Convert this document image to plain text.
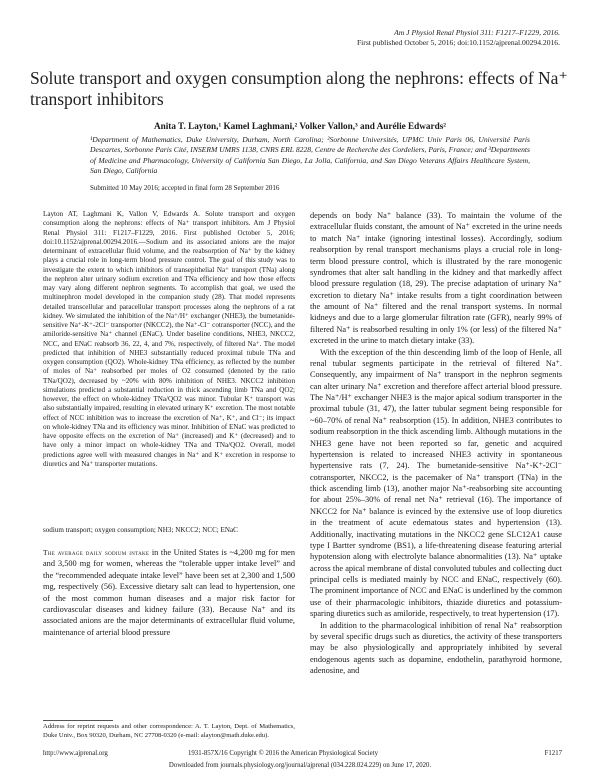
Am J Physiol Renal Physiol 311: F1217–F1229, 2016.
First published October 5, 2016; doi:10.1152/ajprenal.00294.2016.
Solute transport and oxygen consumption along the nephrons: effects of Na⁺ transport inhibitors
Anita T. Layton,¹ Kamel Laghmani,² Volker Vallon,³ and Aurélie Edwards²
¹Department of Mathematics, Duke University, Durham, North Carolina; ²Sorbonne Universités, UPMC Univ Paris 06, Université Paris Descartes, Sorbonne Paris Cité, INSERM UMRS 1138, CNRS ERL 8228, Centre de Recherche des Cordeliers, Paris, France; and ³Departments of Medicine and Pharmacology, University of California San Diego, La Jolla, California, and San Diego Veterans Affairs Healthcare System, San Diego, California
Submitted 10 May 2016; accepted in final form 28 September 2016
Layton AT, Laghmani K, Vallon V, Edwards A. Solute transport and oxygen consumption along the nephrons: effects of Na⁺ transport inhibitors. Am J Physiol Renal Physiol 311: F1217–F1229, 2016. First published October 5, 2016; doi:10.1152/ajprenal.00294.2016.—Sodium and its associated anions are the major determinant of extracellular fluid volume, and the reabsorption of Na⁺ by the kidney plays a crucial role in long-term blood pressure control. The goal of this study was to investigate the extent to which inhibitors of transepithelial Na⁺ transport (TNa) along the nephron alter urinary sodium excretion and TNa efficiency and how those effects may vary along different nephron segments. To accomplish that goal, we used the multinephron model developed in the companion study (28). That model represents detailed transcellular and paracellular transport processes along the nephrons of a rat kidney. We simulated the inhibition of the Na⁺/H⁺ exchanger (NHE3), the bumetanide-sensitive Na⁺-K⁺-2Cl⁻ transporter (NKCC2), the Na⁺-Cl⁻ cotransporter (NCC), and the amiloride-sensitive Na⁺ channel (ENaC). Under baseline conditions, NHE3, NKCC2, NCC, and ENaC reabsorb 36, 22, 4, and 7%, respectively, of filtered Na⁺. The model predicted that inhibition of NHE3 substantially reduced proximal tubule TNa and oxygen consumption (QO2). Whole-kidney TNa efficiency, as reflected by the number of moles of Na⁺ reabsorbed per moles of O2 consumed (denoted by the ratio TNa/QO2), decreased by ~20% with 80% inhibition of NHE3. NKCC2 inhibition simulations predicted a substantial reduction in thick ascending limb TNa and QO2; however, the effect on whole-kidney TNa/QO2 was minor. Tubular K⁺ transport was also substantially impaired, resulting in elevated urinary K⁺ excretion. The most notable effect of NCC inhibition was to increase the excretion of Na⁺, K⁺, and Cl⁻; its impact on whole-kidney TNa and its efficiency was minor. Inhibition of ENaC was predicted to have opposite effects on the excretion of Na⁺ (increased) and K⁺ (decreased) and to have only a minor impact on whole-kidney TNa and TNa/QO2. Overall, model predictions agree well with measured changes in Na⁺ and K⁺ excretion in response to diuretics and Na⁺ transporter mutations.
sodium transport; oxygen consumption; NH3; NKCC2; NCC; ENaC
The average daily sodium intake in the United States is ~4,200 mg for men and 3,500 mg for women, whereas the “tolerable upper intake level” and the “recommended adequate intake level” have been set at 2,300 and 1,500 mg, respectively (56). Excessive dietary salt can lead to hypertension, one of the most common human diseases and a major risk factor for cardiovascular diseases and kidney failure (33). Because Na⁺ and its associated anions are the major determinants of extracellular fluid volume, maintenance of arterial blood pressure

depends on body Na⁺ balance (33). To maintain the volume of the extracellular fluids constant, the amount of Na⁺ excreted in the urine needs to match Na⁺ intake (ignoring intestinal losses). Accordingly, sodium reabsorption by renal transport mechanisms plays a crucial role in long-term blood pressure control, which is illustrated by the rare monogenic syndromes that alter salt handling in the kidney and that markedly affect blood pressure regulation (18, 29). The precise adaptation of urinary Na⁺ excretion to dietary Na⁺ intake results from a tight coordination between the amount of Na⁺ filtered and the renal transport systems. In normal kidneys and due to a large glomerular filtration rate (GFR), nearly 99% of filtered Na⁺ is reabsorbed resulting in only 1% (or less) of the filtered Na⁺ excreted in the urine to match dietary intake (33).

With the exception of the thin descending limb of the loop of Henle, all renal tubular segments participate in the retrieval of filtered Na⁺. Consequently, any impairment of Na⁺ transport in the nephron segments can alter urinary Na⁺ excretion and therefore affect arterial blood pressure. The Na⁺/H⁺ exchanger NHE3 is the major apical sodium transporter in the proximal tubule (31, 47), the latter tubular segment being responsible for ~60–70% of renal Na⁺ reabsorption (15). In addition, NHE3 contributes to sodium reabsorption in the thick ascending limb. Although mutations in the NHE3 gene have not been reported so far, genetic and acquired hypertension is related to increased NHE3 activity in spontaneous hypertensive rats (7, 24). The bumetanide-sensitive Na⁺-K⁺-2Cl⁻ cotransporter, NKCC2, is the pacemaker of Na⁺ transport (TNa) in the thick ascending limb (13), another major Na⁺-reabsorbing site accounting for about 25%–30% of renal net Na⁺ retrieval (16). The importance of NKCC2 for Na⁺ balance is evinced by the extensive use of loop diuretics in the treatment of acute edematous states and hypertension (13). Additionally, inactivating mutations in the NKCC2 gene SLC12A1 cause type I Bartter syndrome (BS1), a life-threatening disease featuring arterial hypotension along with electrolyte balance abnormalities (13). Na⁺ uptake across the apical membrane of distal convoluted tubules and collecting duct principal cells is mediated mainly by NCC and ENaC, respectively (60). The prominent importance of NCC and ENaC is underlined by the common use of their pharmacologic inhibitors, thiazide diuretics and potassium-sparing diuretics such as amiloride, respectively, to treat hypertension (17).

In addition to the pharmacological inhibition of renal Na⁺ reabsorption by several specific drugs such as diuretics, the activity of these transporters may be also physiologically and appropriately inhibited by several endogenous agents such as dopamine, endothelin, parathyroid hormone, adenosine, and

Address for reprint requests and other correspondence: A. T. Layton, Dept. of Mathematics, Duke Univ., Box 90320, Durham, NC 27708-0320 (e-mail: alayton@math.duke.edu).
http://www.ajprenal.org	1931-857X/16 Copyright © 2016 the American Physiological Society	F1217
Downloaded from journals.physiology.org/journal/ajprenal (034.228.024.229) on June 17, 2020.
